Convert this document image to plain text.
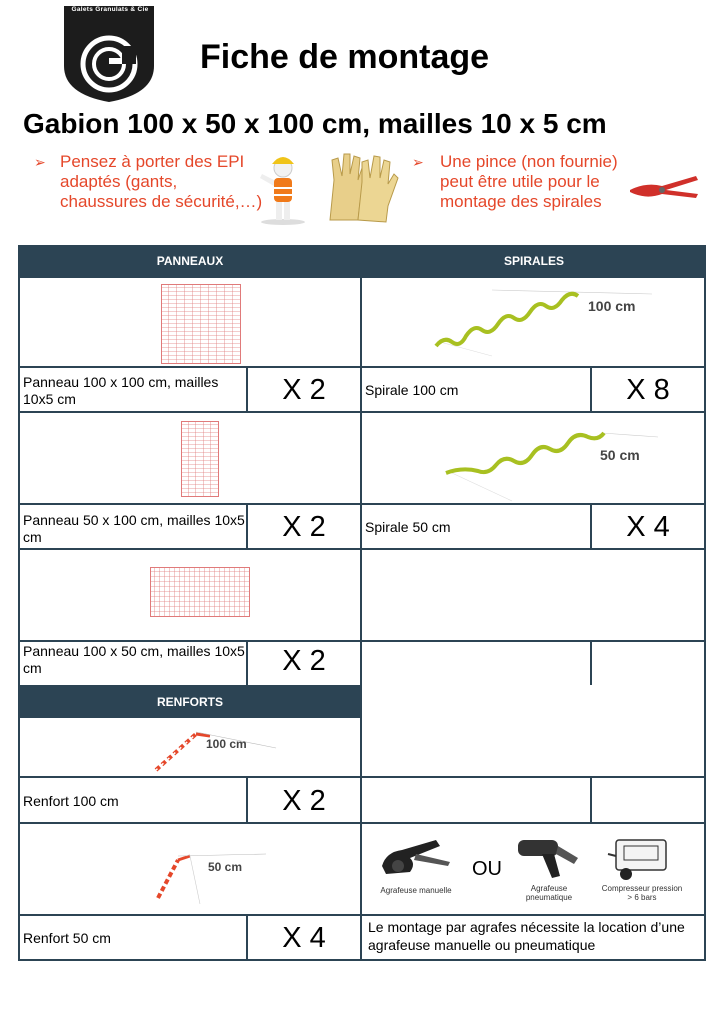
Galets Granulats & Cie
Fiche de montage
Gabion 100 x 50 x 100 cm, mailles 10 x 5 cm
➢ Pensez à porter des EPI adaptés (gants, chaussures de sécurité,…)
➢ Une pince (non fournie) peut être utile pour le montage des spirales
PANNEAUX	SPIRALES
Panneau 100 x 100 cm, mailles 10x5 cm	X 2
Panneau 50 x 100 cm, mailles 10x5 cm	X 2
Panneau 100 x 50 cm, mailles 10x5 cm	X 2
RENFORTS
100 cm
Renfort 100 cm	X 2
50 cm
Renfort 50 cm	X 4
100 cm
Spirale 100 cm	X 8
50 cm
Spirale 50 cm	X 4
Agrafeuse manuelle
OU
Agrafeuse pneumatique
Compresseur pression > 6 bars
Le montage par agrafes nécessite la location d’une agrafeuse manuelle ou pneumatique
